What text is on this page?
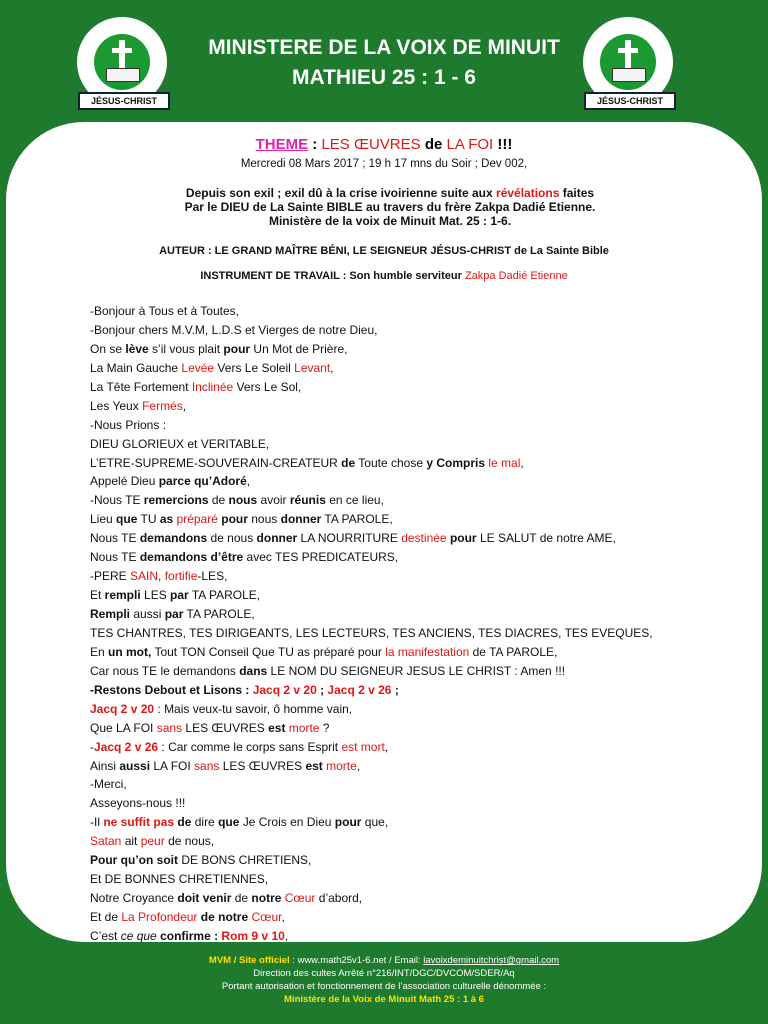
JÉSUS-CHRIST	JÉSUS-CHRIST
MINISTERE DE LA VOIX DE MINUIT
MATHIEU 25 : 1 - 6
THEME : LES ŒUVRES de LA FOI !!!
Mercredi 08 Mars 2017 ; 19 h 17 mns du Soir ; Dev 002,
Depuis son exil ; exil dû à la crise ivoirienne suite aux révélations faites
Par le DIEU de La Sainte BIBLE au travers du frère Zakpa Dadié Etienne.
Ministère de la voix de Minuit Mat. 25 : 1-6.
AUTEUR : LE GRAND MAÎTRE BÉNI, LE SEIGNEUR JÉSUS-CHRIST de La Sainte Bible
INSTRUMENT DE TRAVAIL : Son humble serviteur Zakpa Dadié Etienne
-Bonjour à Tous et à Toutes,
-Bonjour chers M.V.M, L.D.S et Vierges de notre Dieu,
On se lève s’il vous plait pour Un Mot de Prière,
La Main Gauche Levée Vers Le Soleil Levant,
La Tête Fortement Inclinée Vers Le Sol,
Les Yeux Fermés,
-Nous Prions :
DIEU GLORIEUX et VERITABLE,
L’ETRE-SUPREME-SOUVERAIN-CREATEUR de Toute chose y Compris le mal,
Appelé Dieu parce qu’Adoré,
-Nous TE remercions de nous avoir réunis en ce lieu,
Lieu que TU as préparé pour nous donner TA PAROLE,
Nous TE demandons de nous donner LA NOURRITURE destinée pour LE SALUT de notre AME,
Nous TE demandons d’être avec TES PREDICATEURS,
-PERE SAIN, fortifie-LES,
Et rempli LES par TA PAROLE,
Rempli aussi par TA PAROLE,
TES CHANTRES, TES DIRIGEANTS, LES LECTEURS, TES ANCIENS, TES DIACRES, TES EVEQUES,
En un mot, Tout TON Conseil Que TU as préparé pour la manifestation de TA PAROLE,
Car nous TE le demandons dans LE NOM DU SEIGNEUR JESUS LE CHRIST : Amen !!!
-Restons Debout et Lisons : Jacq 2 v 20 ; Jacq 2 v 26 ;
Jacq 2 v 20 : Mais veux-tu savoir, ô homme vain,
Que LA FOI sans LES ŒUVRES est morte ?
-Jacq 2 v 26 : Car comme le corps sans Esprit est mort,
Ainsi aussi LA FOI sans LES ŒUVRES est morte,
-Merci,
Asseyons-nous !!!
-Il ne suffit pas de dire que Je Crois en Dieu pour que,
Satan ait peur de nous,
Pour qu’on soit DE BONS CHRETIENS,
Et DE BONNES CHRETIENNES,
Notre Croyance doit venir de notre Cœur d’abord,
Et de La Profondeur de notre Cœur,
C’est ce que confirme : Rom 9 v 10,
MVM / Site officiel : www.math25v1-6.net / Email: lavoixdeminuitchrist@gmail.com
Direction des cultes Arrêté n°216/INT/DGC/DVCOM/SDER/Aq
Portant autorisation et fonctionnement de l’association culturelle dénommée :
Ministère de la Voix de Minuit Math 25 : 1 à 6
